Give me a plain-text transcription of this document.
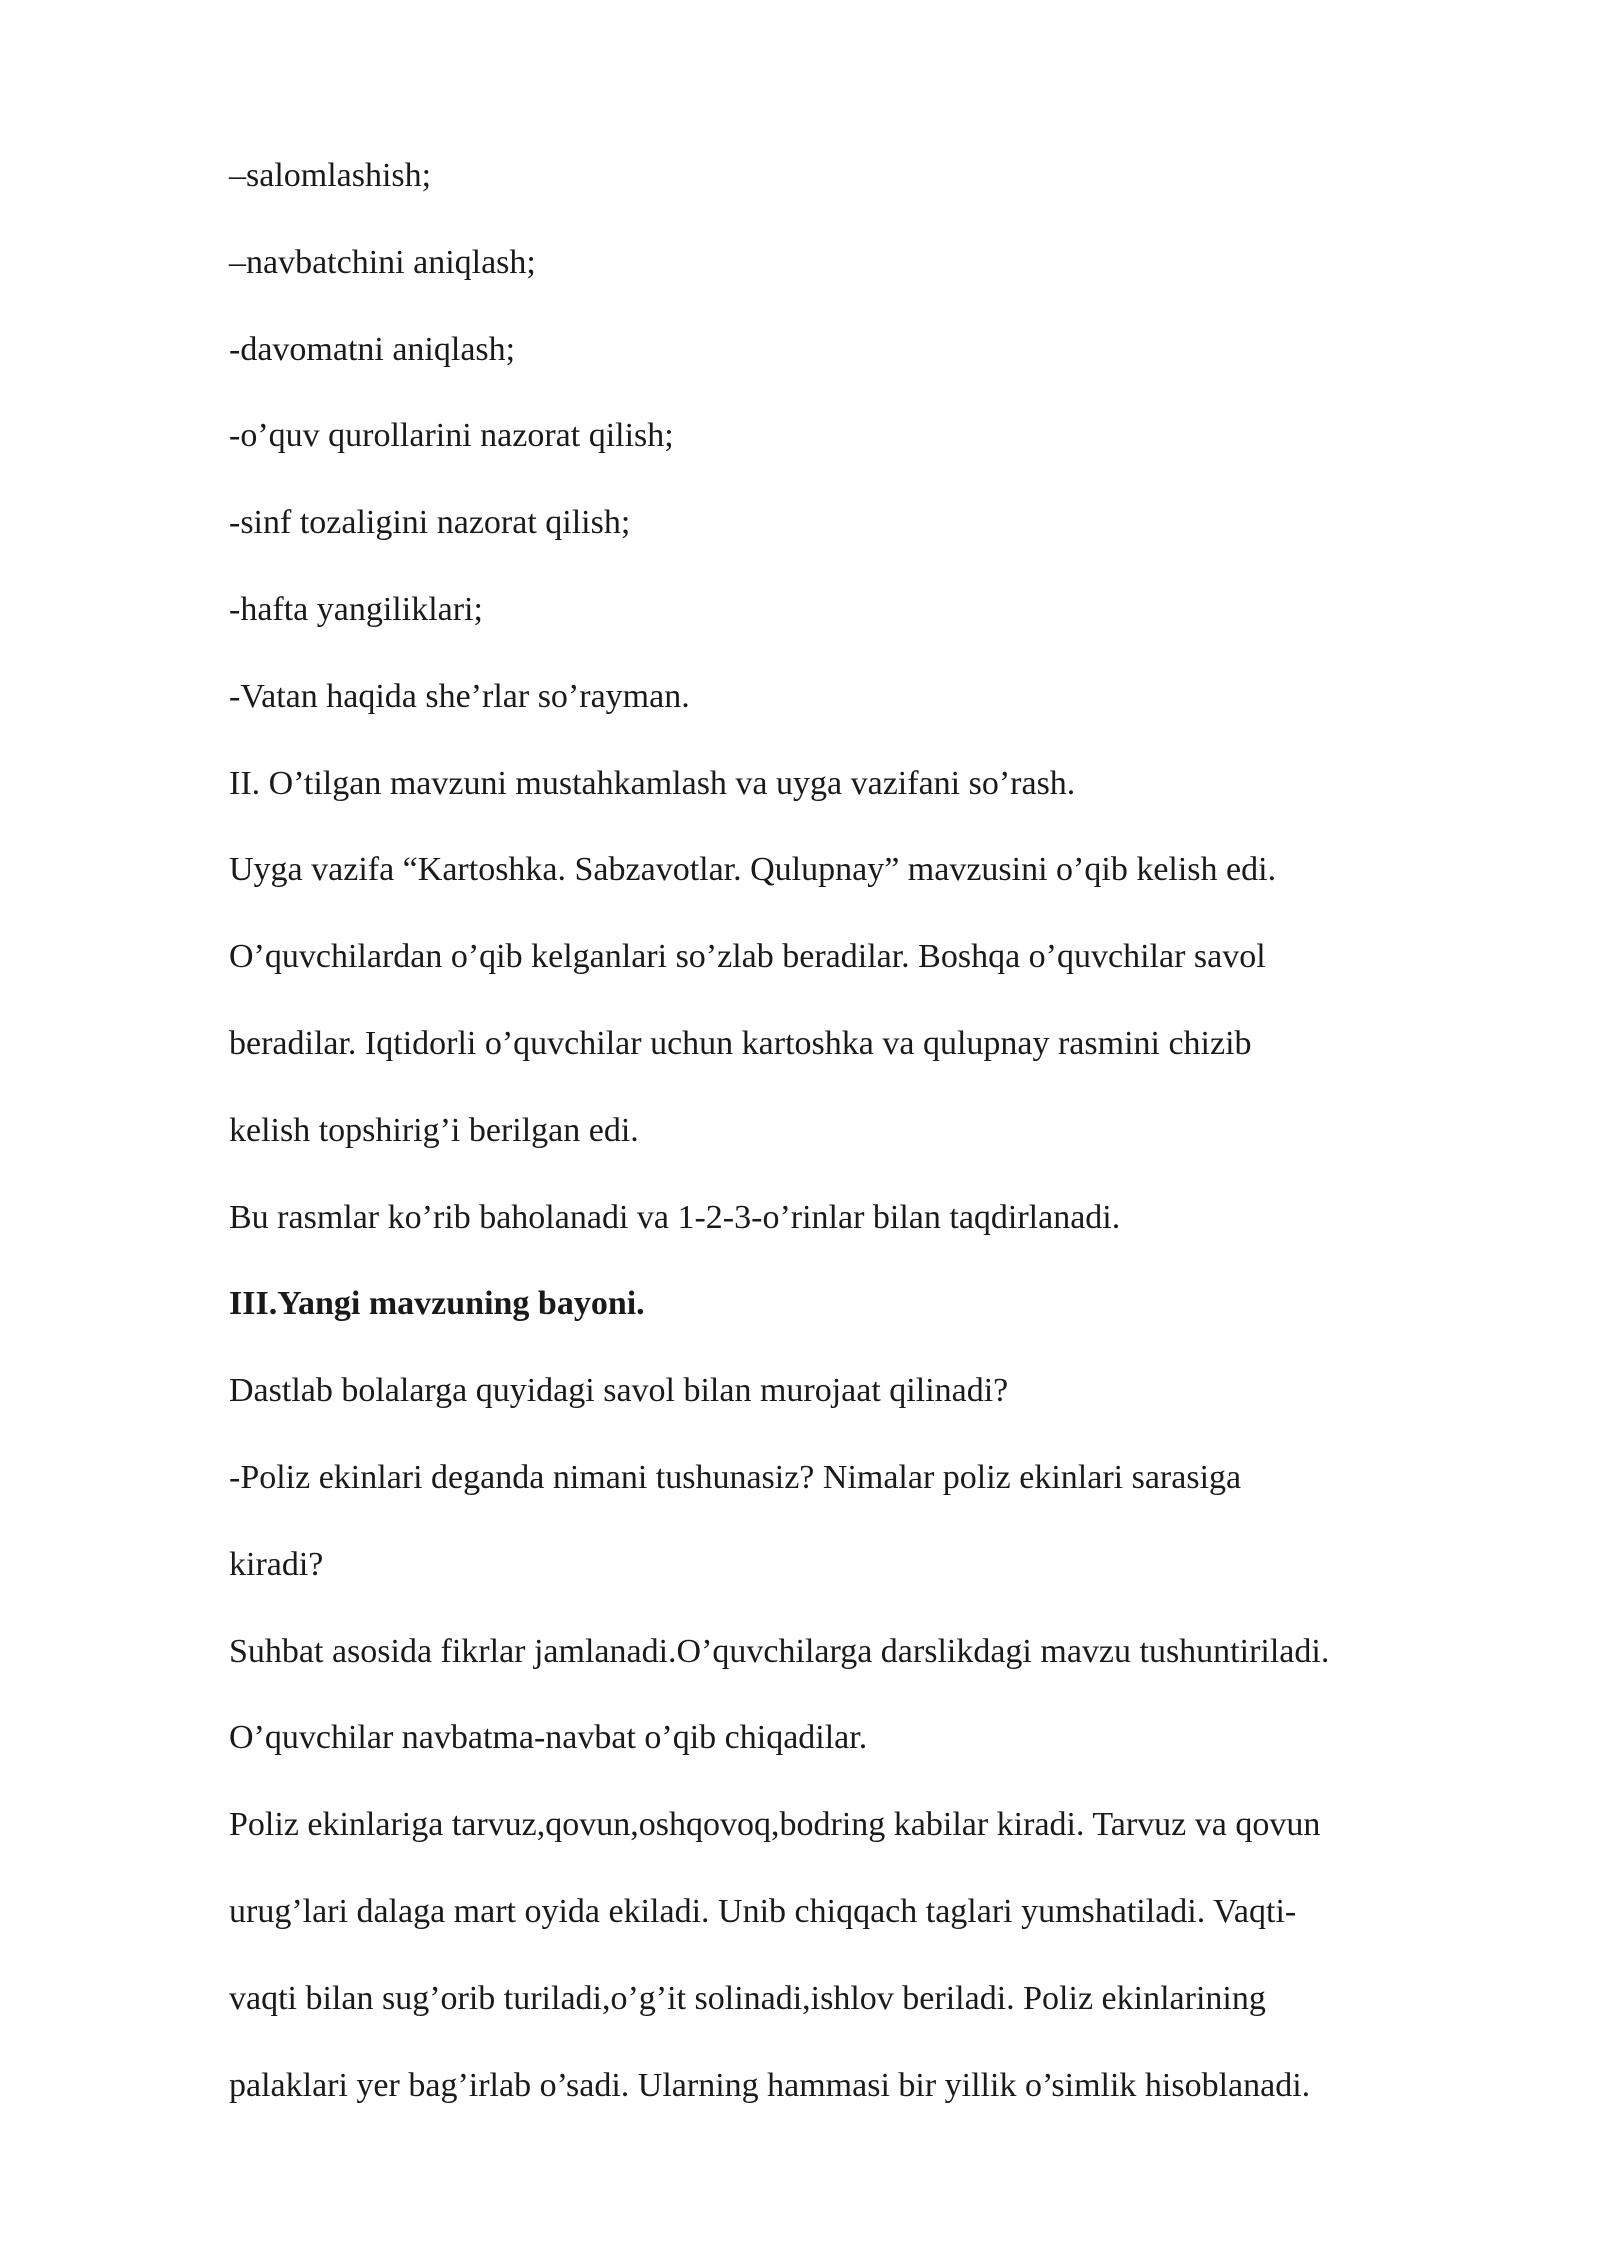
–salomlashish;

–navbatchini aniqlash;

-davomatni aniqlash;

-o’quv qurollarini nazorat qilish;

-sinf tozaligini nazorat qilish;

-hafta yangiliklari;

-Vatan haqida she’rlar so’rayman.

II. O’tilgan mavzuni mustahkamlash va uyga vazifani so’rash.

Uyga vazifa “Kartoshka. Sabzavotlar. Qulupnay” mavzusini o’qib kelish edi.

O’quvchilardan o’qib kelganlari so’zlab beradilar. Boshqa o’quvchilar savol

beradilar. Iqtidorli o’quvchilar uchun kartoshka va qulupnay rasmini chizib

kelish topshirig’i berilgan edi.

Bu rasmlar ko’rib baholanadi va 1-2-3-o’rinlar bilan taqdirlanadi.

III.Yangi mavzuning bayoni.

Dastlab bolalarga quyidagi savol bilan murojaat qilinadi?

-Poliz ekinlari deganda nimani tushunasiz? Nimalar poliz ekinlari sarasiga

kiradi?

Suhbat asosida fikrlar jamlanadi.O’quvchilarga darslikdagi mavzu tushuntiriladi.

O’quvchilar navbatma-navbat o’qib chiqadilar.

Poliz ekinlariga tarvuz,qovun,oshqovoq,bodring kabilar kiradi. Tarvuz va qovun

urug’lari dalaga mart oyida ekiladi. Unib chiqqach taglari yumshatiladi. Vaqti-

vaqti bilan sug’orib turiladi,o’g’it solinadi,ishlov beriladi. Poliz ekinlarining

palaklari yer bag’irlab o’sadi. Ularning hammasi bir yillik o’simlik hisoblanadi.
